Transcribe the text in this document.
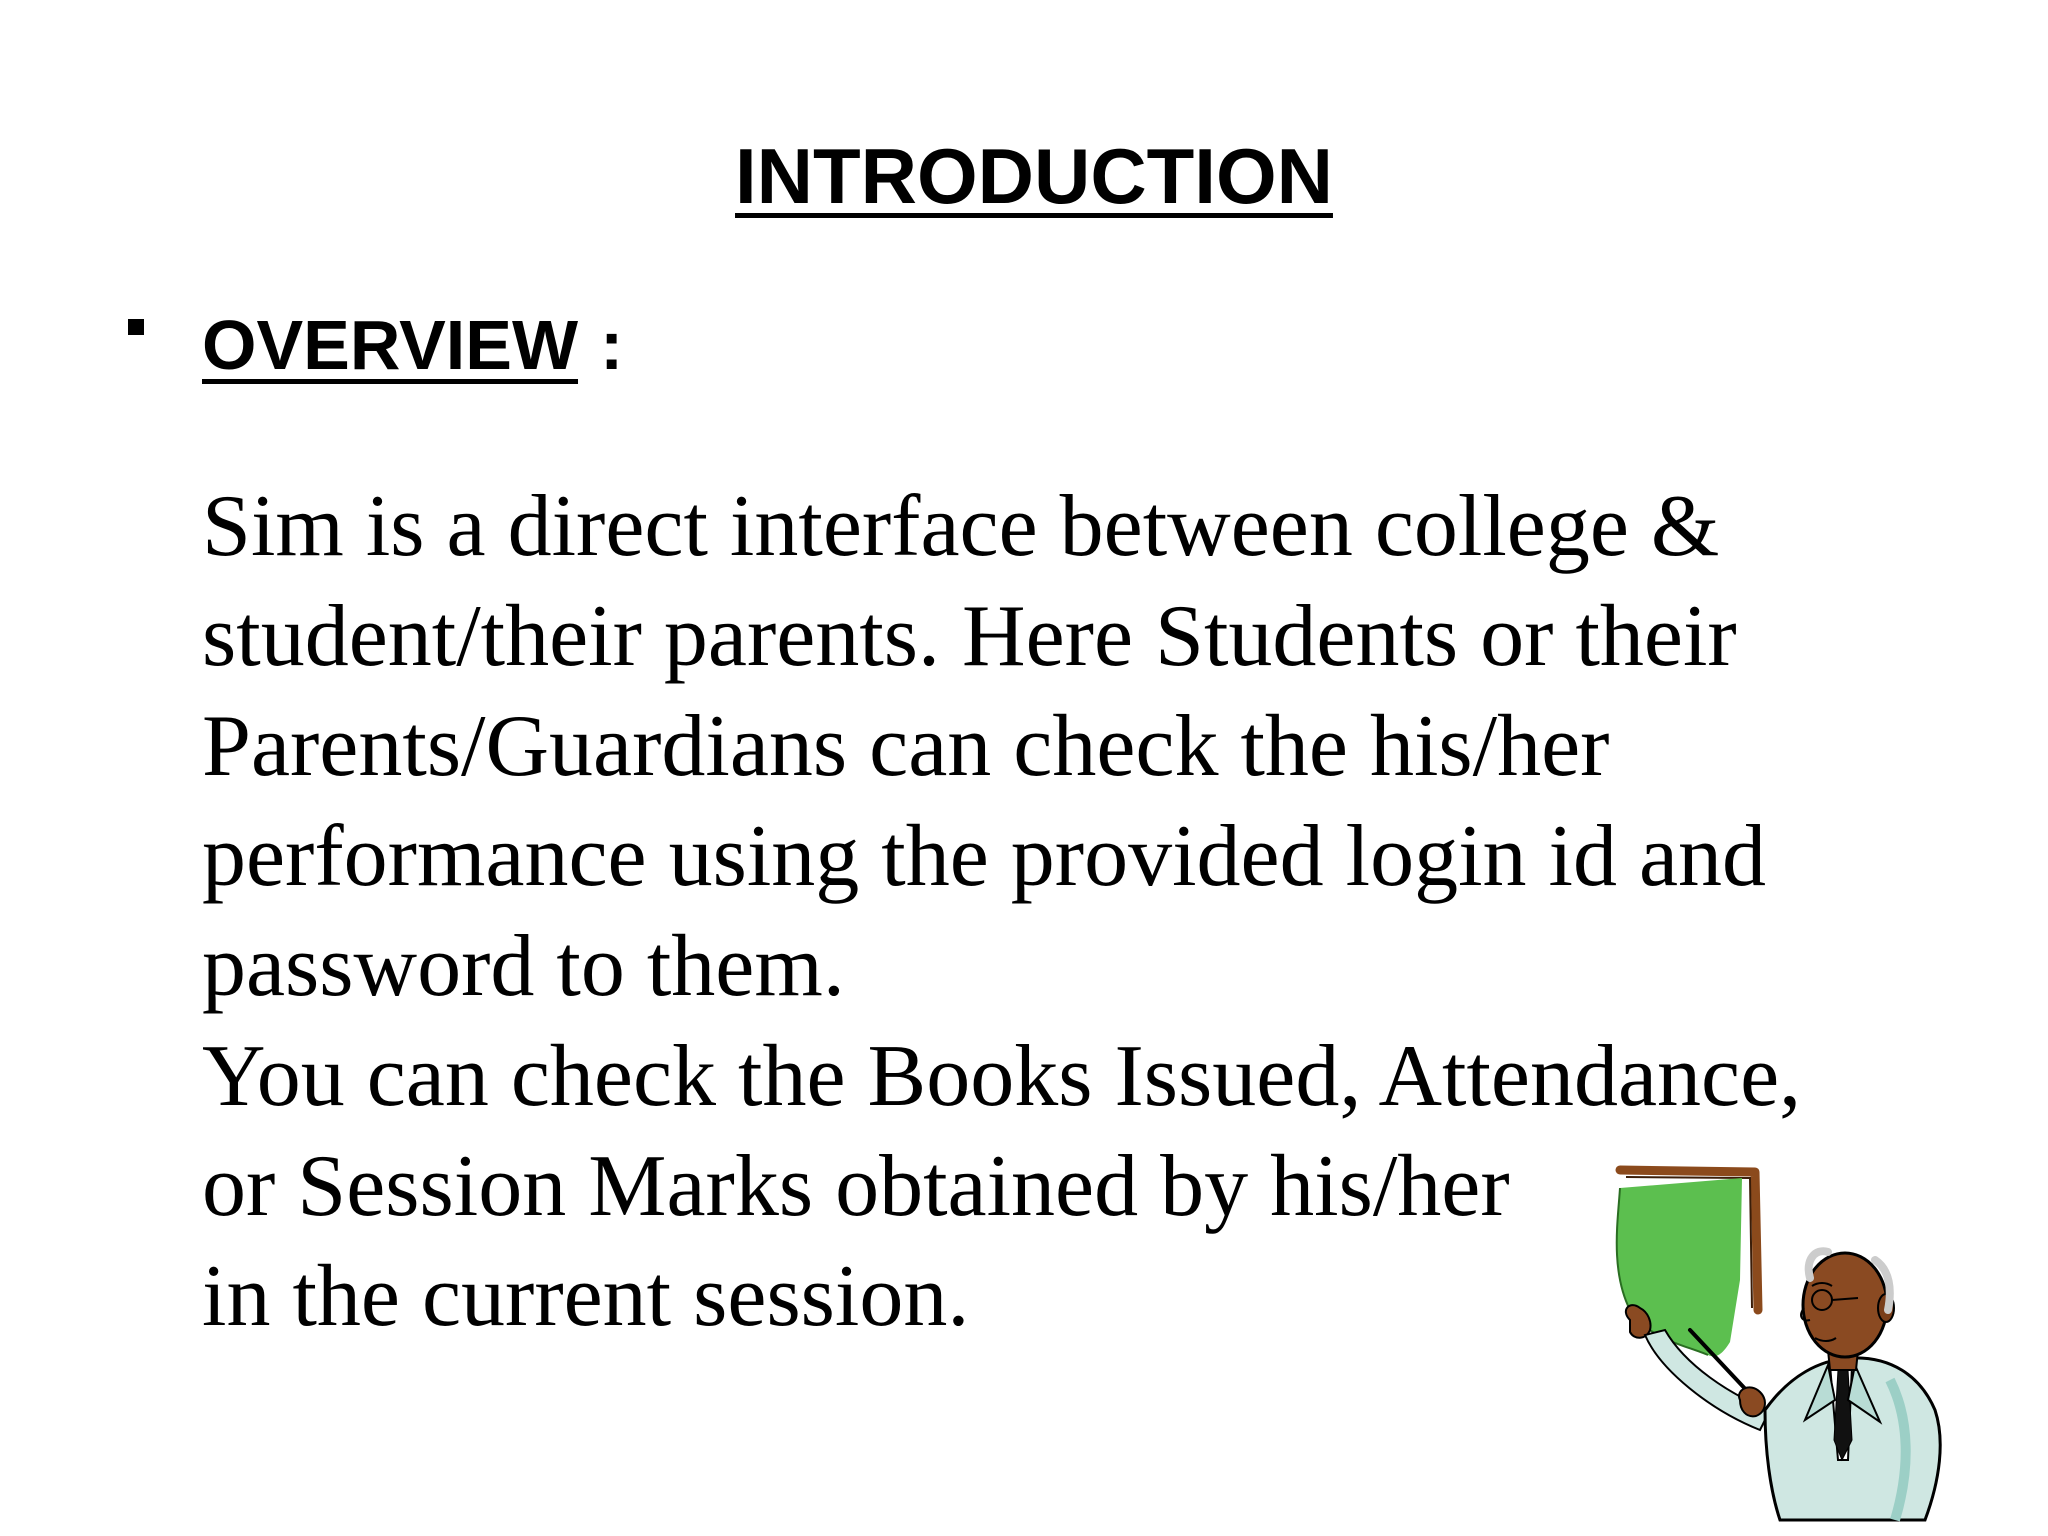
INTRODUCTION
OVERVIEW :
Sim is a direct interface between college &
student/their parents. Here Students or their
Parents/Guardians can check the his/her
performance using the provided login id and
password to them.
You can check the Books Issued, Attendance,
or Session Marks obtained by his/her
in the current session.
